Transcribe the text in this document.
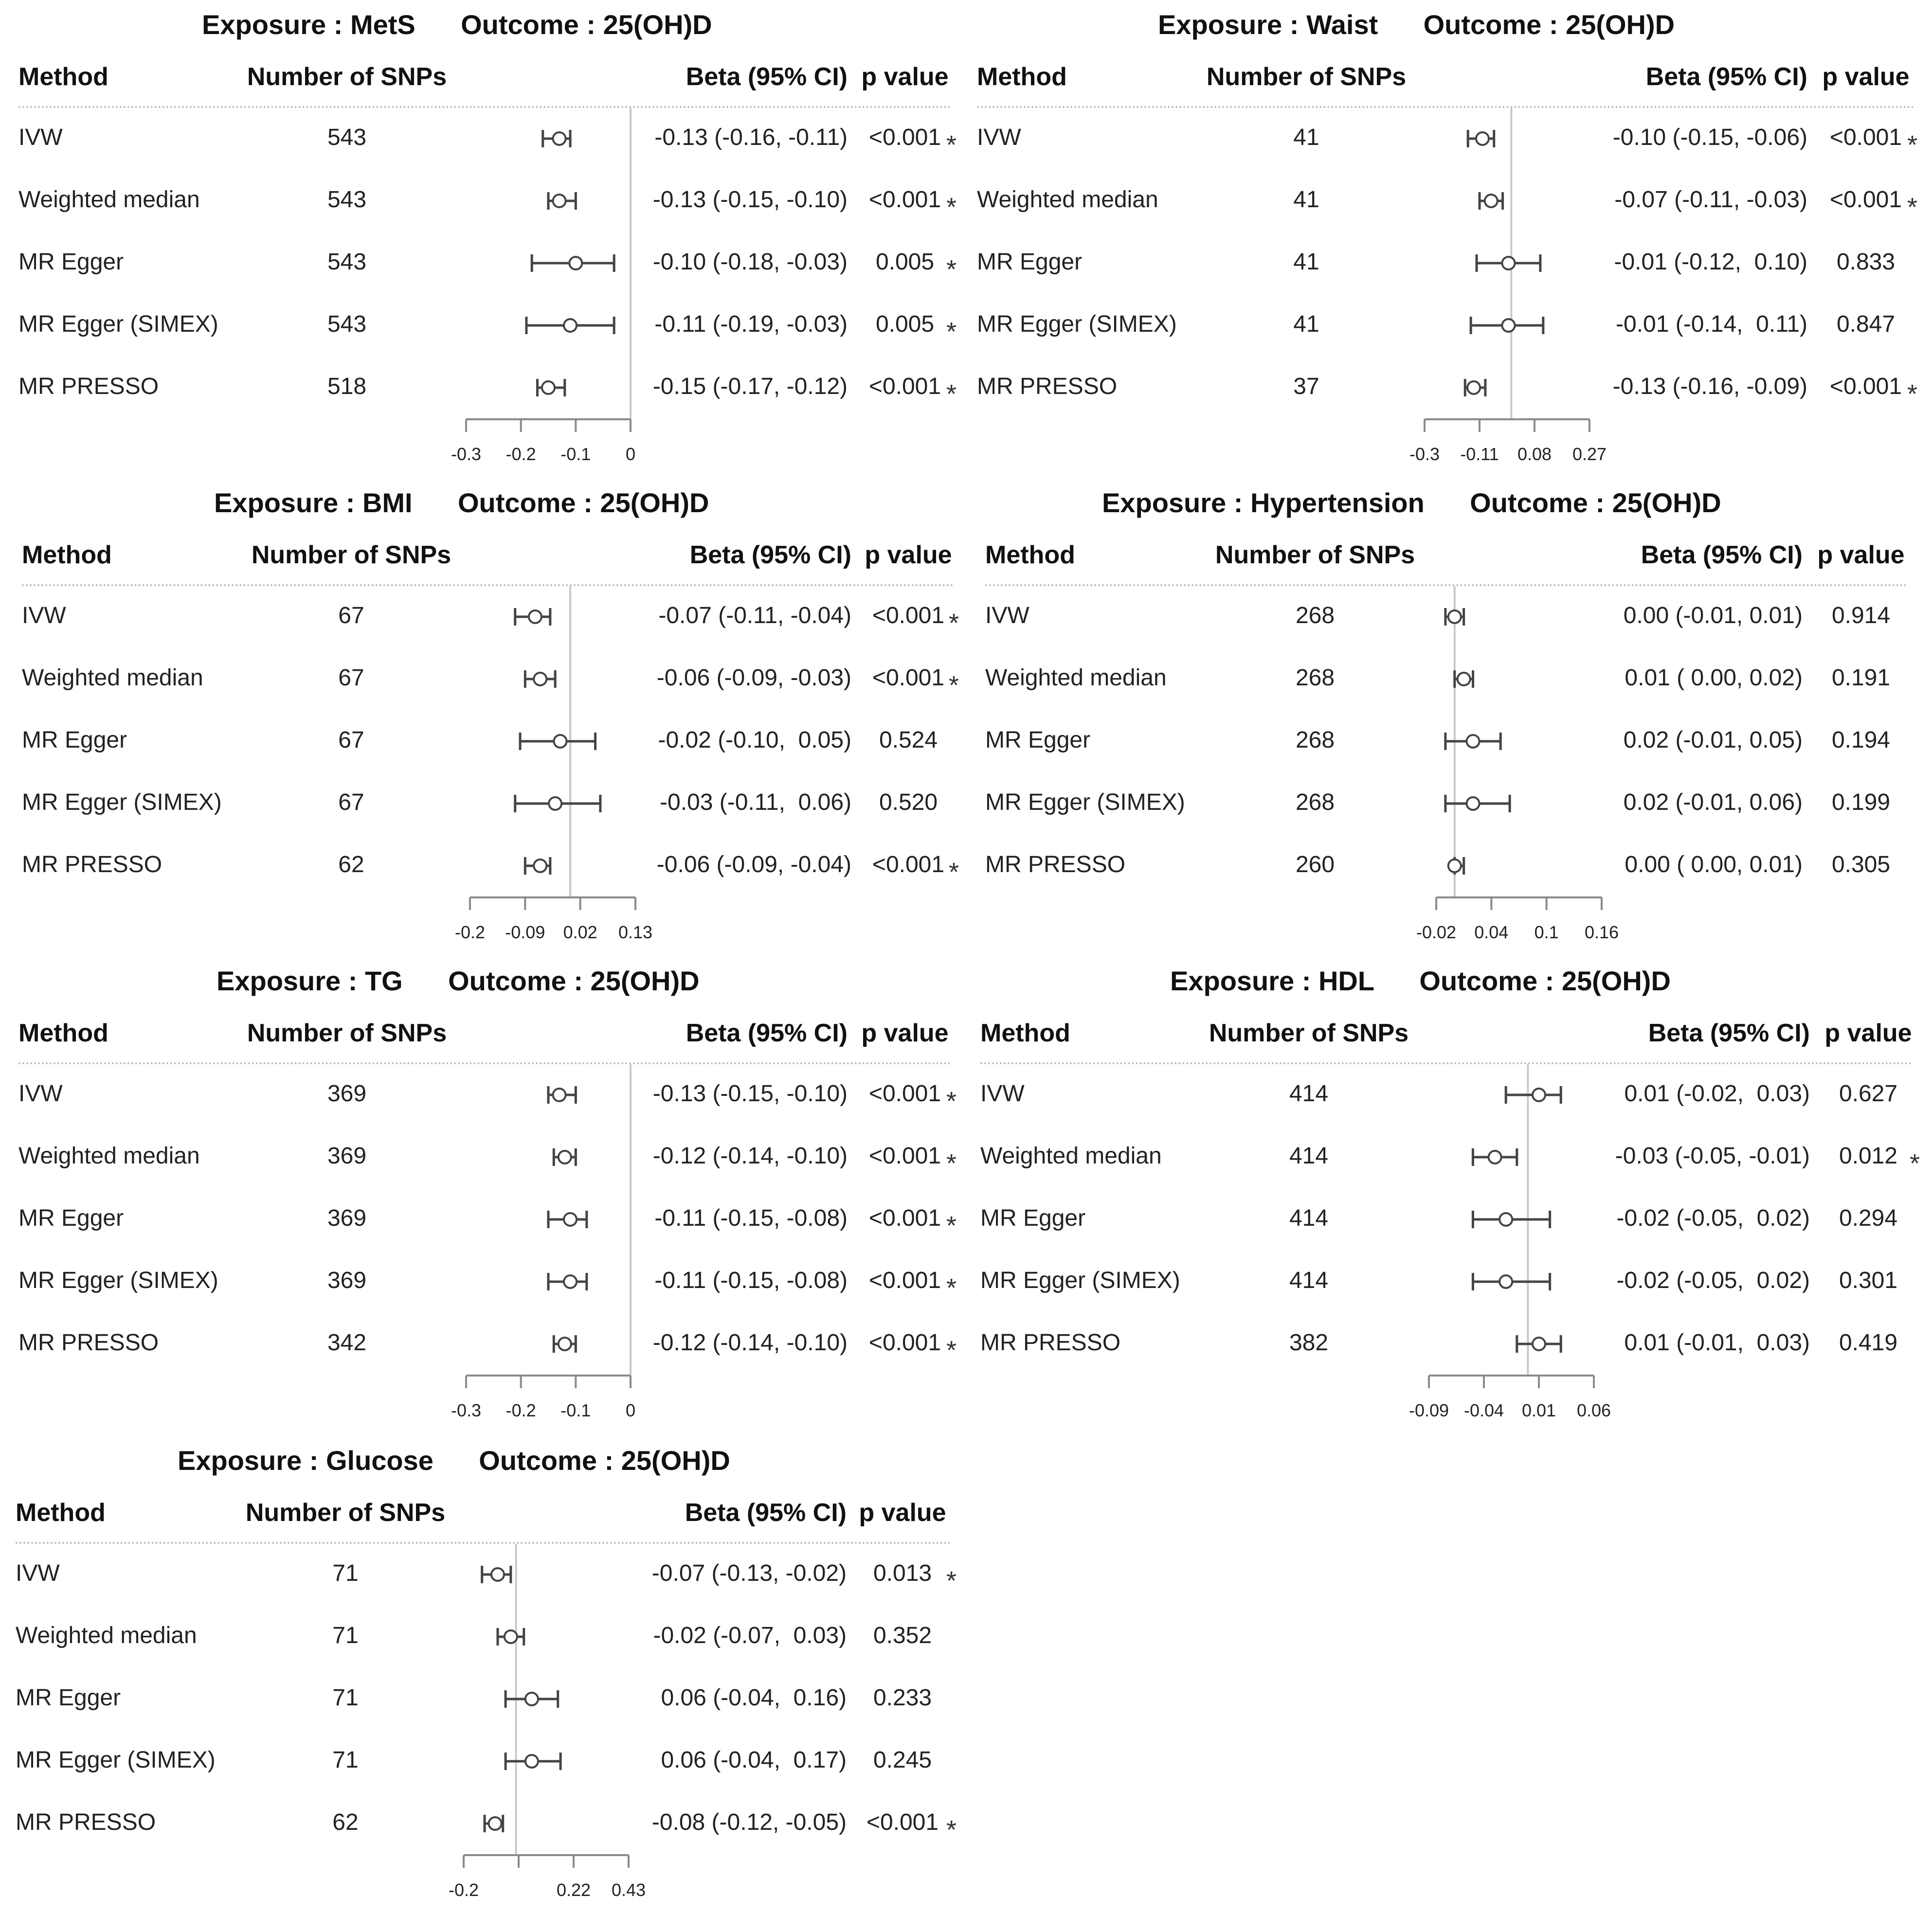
Exposure : MetS      Outcome : 25(OH)D
Method	Number of SNPs	Beta (95% CI) p value
IVW	543	-0.13 (-0.16, -0.11) <0.001 *
Weighted median	543	-0.13 (-0.15, -0.10) <0.001 *
MR Egger	543	-0.10 (-0.18, -0.03)	0.005 *
MR Egger (SIMEX)	543	-0.11 (-0.19, -0.03)	0.005 *
MR PRESSO	518	-0.15 (-0.17, -0.12) <0.001 *
-0.3 -0.2 -0.1 0
Exposure : Waist      Outcome : 25(OH)D
Method	Number of SNPs	Beta (95% CI) p value
IVW	41	-0.10 (-0.15, -0.06) <0.001 *
Weighted median	41	-0.07 (-0.11, -0.03) <0.001 *
MR Egger	41	-0.01 (-0.12,  0.10)	0.833
MR Egger (SIMEX)	41	-0.01 (-0.14,  0.11)	0.847
MR PRESSO	37	-0.13 (-0.16, -0.09) <0.001 *
-0.3 -0.11 0.08 0.27
Exposure : BMI      Outcome : 25(OH)D
Method	Number of SNPs	Beta (95% CI) p value
IVW	67	-0.07 (-0.11, -0.04) <0.001 *
Weighted median	67	-0.06 (-0.09, -0.03) <0.001 *
MR Egger	67	-0.02 (-0.10,  0.05)	0.524
MR Egger (SIMEX)	67	-0.03 (-0.11,  0.06)	0.520
MR PRESSO	62	-0.06 (-0.09, -0.04) <0.001 *
-0.2 -0.09 0.02 0.13
Exposure : Hypertension      Outcome : 25(OH)D
Method	Number of SNPs	Beta (95% CI) p value
IVW	268	0.00 (-0.01, 0.01)	0.914
Weighted median	268	0.01 ( 0.00, 0.02)	0.191
MR Egger	268	0.02 (-0.01, 0.05)	0.194
MR Egger (SIMEX)	268	0.02 (-0.01, 0.06)	0.199
MR PRESSO	260	0.00 ( 0.00, 0.01)	0.305
-0.02 0.04 0.1 0.16
Exposure : TG      Outcome : 25(OH)D
Method	Number of SNPs	Beta (95% CI) p value
IVW	369	-0.13 (-0.15, -0.10) <0.001 *
Weighted median	369	-0.12 (-0.14, -0.10) <0.001 *
MR Egger	369	-0.11 (-0.15, -0.08) <0.001 *
MR Egger (SIMEX)	369	-0.11 (-0.15, -0.08) <0.001 *
MR PRESSO	342	-0.12 (-0.14, -0.10) <0.001 *
-0.3 -0.2 -0.1 0
Exposure : HDL      Outcome : 25(OH)D
Method	Number of SNPs	Beta (95% CI) p value
IVW	414	0.01 (-0.02,  0.03)	0.627
Weighted median	414	-0.03 (-0.05, -0.01)	0.012 *
MR Egger	414	-0.02 (-0.05,  0.02)	0.294
MR Egger (SIMEX)	414	-0.02 (-0.05,  0.02)	0.301
MR PRESSO	382	0.01 (-0.01,  0.03)	0.419
-0.09 -0.04 0.01 0.06
Exposure : Glucose      Outcome : 25(OH)D
Method	Number of SNPs	Beta (95% CI) p value
IVW	71	-0.07 (-0.13, -0.02)	0.013 *
Weighted median	71	-0.02 (-0.07,  0.03)	0.352
MR Egger	71	0.06 (-0.04,  0.16)	0.233
MR Egger (SIMEX)	71	0.06 (-0.04,  0.17)	0.245
MR PRESSO	62	-0.08 (-0.12, -0.05) <0.001 *
-0.2	0.22 0.43
